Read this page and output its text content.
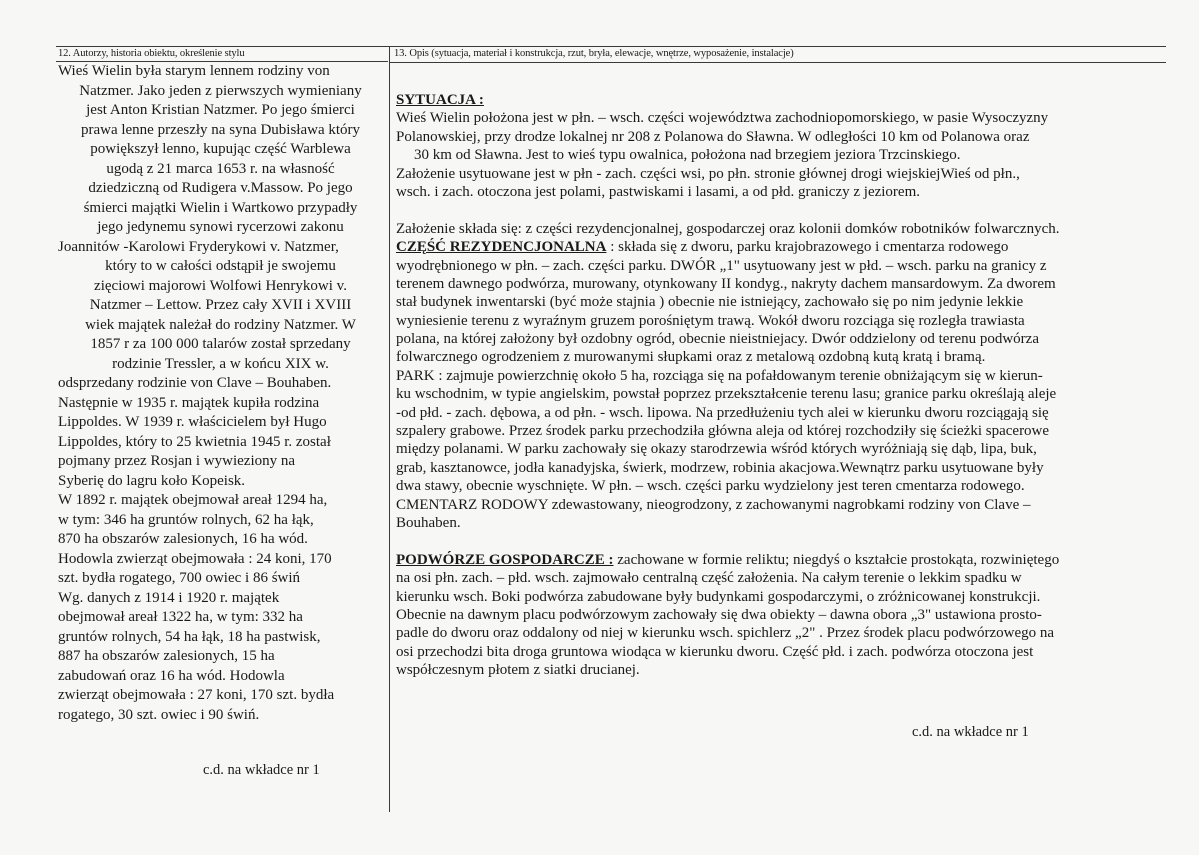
12. Autorzy, historia obiektu, określenie stylu	13. Opis (sytuacja, materiał i konstrukcja, rzut, bryła, elewacje, wnętrze, wyposażenie, instalacje)
Wieś Wielin była starym lennem rodziny von
Natzmer. Jako jeden z pierwszych wymieniany
jest Anton Kristian Natzmer. Po jego śmierci
prawa lenne przeszły na syna Dubisława który
powiększył lenno, kupując część Warblewa
ugodą z 21 marca 1653 r. na własność
dziedziczną od Rudigera v.Massow. Po jego
śmierci majątki Wielin i Wartkowo przypadły
jego jedynemu synowi rycerzowi zakonu
Joannitów -Karolowi Fryderykowi v. Natzmer,
który to w całości odstąpił je swojemu
zięciowi majorowi Wolfowi Henrykowi v.
Natzmer – Lettow. Przez cały XVII i XVIII
wiek majątek należał do rodziny Natzmer. W
1857 r za 100 000 talarów został sprzedany
rodzinie Tressler, a w końcu XIX w.
odsprzedany rodzinie von Clave – Bouhaben.
Następnie w 1935 r. majątek kupiła rodzina
Lippoldes. W 1939 r. właścicielem był Hugo
Lippoldes, który to 25 kwietnia 1945 r. został
pojmany przez Rosjan i wywieziony na
Syberię do lagru koło Kopeisk.
W 1892 r. majątek obejmował areał 1294 ha,
w tym: 346 ha gruntów rolnych, 62 ha łąk,
870 ha obszarów zalesionych, 16 ha wód.
Hodowla zwierząt obejmowała : 24 koni, 170
szt. bydła rogatego, 700 owiec i 86 świń
Wg. danych z 1914 i 1920 r. majątek
obejmował areał 1322 ha, w tym: 332 ha
gruntów rolnych, 54 ha łąk, 18 ha pastwisk,
887 ha obszarów zalesionych, 15 ha
zabudowań oraz 16 ha wód. Hodowla
zwierząt obejmowała : 27 koni, 170 szt. bydła
rogatego, 30 szt. owiec i 90 świń.
c.d. na wkładce nr 1
SYTUACJA :
Wieś Wielin położona jest w płn. – wsch. części województwa zachodniopomorskiego, w pasie Wysoczyzny
Polanowskiej, przy drodze lokalnej nr 208 z Polanowa do Sławna. W odległości 10 km od Polanowa oraz
30 km od Sławna. Jest to wieś typu owalnica, położona nad brzegiem jeziora Trzcinskiego.
Założenie usytuowane jest w płn - zach. części wsi, po płn. stronie głównej drogi wiejskiejWieś od płn.,
wsch. i zach. otoczona jest polami, pastwiskami i lasami, a od płd. graniczy z jeziorem.
Założenie składa się: z części rezydencjonalnej, gospodarczej oraz kolonii domków robotników folwarcznych.
CZĘŚĆ REZYDENCJONALNA : składa się z dworu, parku krajobrazowego i cmentarza rodowego
wyodrębnionego w płn. – zach. części parku. DWÓR „1" usytuowany jest w płd. – wsch. parku na granicy z
terenem dawnego podwórza, murowany, otynkowany II kondyg., nakryty dachem mansardowym. Za dworem
stał budynek inwentarski (być może stajnia ) obecnie nie istniejący, zachowało się po nim jedynie lekkie
wyniesienie terenu z wyraźnym gruzem porośniętym trawą. Wokół dworu rozciąga się rozległa trawiasta
polana, na której założony był ozdobny ogród, obecnie nieistniejacy. Dwór oddzielony od terenu podwórza
folwarcznego ogrodzeniem z murowanymi słupkami oraz z metalową ozdobną kutą kratą i bramą.
PARK : zajmuje powierzchnię około 5 ha, rozciąga się na pofałdowanym terenie obniżającym się w kierun-
ku wschodnim, w typie angielskim, powstał poprzez przekształcenie terenu lasu; granice parku określają aleje
-od płd. - zach. dębowa, a od płn. - wsch. lipowa. Na przedłużeniu tych alei w kierunku dworu rozciągają się
szpalery grabowe. Przez środek parku przechodziła główna aleja od której rozchodziły się ścieżki spacerowe
między polanami. W parku zachowały się okazy starodrzewia wśród których wyróżniają się dąb, lipa, buk,
grab, kasztanowce, jodła kanadyjska, świerk, modrzew, robinia akacjowa.Wewnątrz parku usytuowane były
dwa stawy, obecnie wyschnięte. W płn. – wsch. części parku wydzielony jest teren cmentarza rodowego.
CMENTARZ RODOWY zdewastowany, nieogrodzony, z zachowanymi nagrobkami rodziny von Clave –
Bouhaben.
PODWÓRZE GOSPODARCZE : zachowane w formie reliktu; niegdyś o kształcie prostokąta, rozwiniętego
na osi płn. zach. – płd. wsch. zajmowało centralną część założenia. Na całym terenie o lekkim spadku w
kierunku wsch. Boki podwórza zabudowane były budynkami gospodarczymi, o zróżnicowanej konstrukcji.
Obecnie na dawnym placu podwórzowym zachowały się dwa obiekty – dawna obora „3" ustawiona prosto-
padle do dworu oraz oddalony od niej w kierunku wsch. spichlerz „2" . Przez środek placu podwórzowego na
osi przechodzi bita droga gruntowa wiodąca w kierunku dworu. Część płd. i zach. podwórza otoczona jest
współczesnym płotem z siatki drucianej.
c.d. na wkładce nr 1
